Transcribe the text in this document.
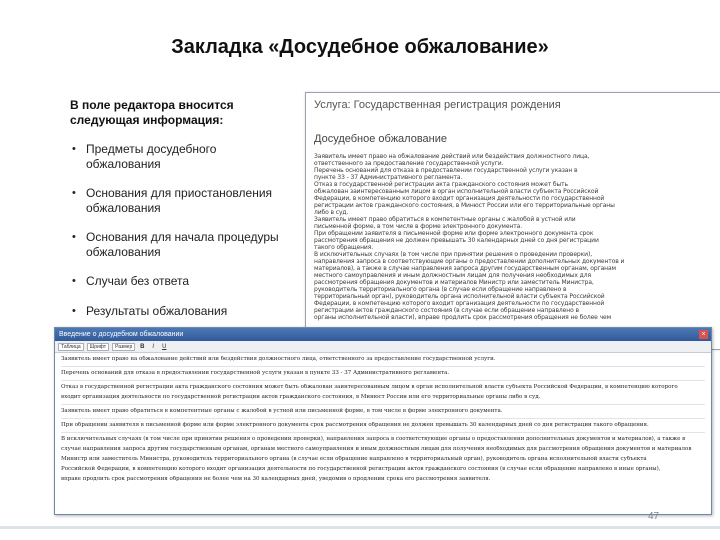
Закладка «Досудебное обжалование»
В поле редактора вносится следующая информация:
• Предметы досудебного обжалования
• Основания для приостановления обжалования
• Основания для начала процедуры обжалования
• Случаи без ответа
• Результаты обжалования
Услуга: Государственная регистрация рождения
Досудебное обжалование
Заявитель имеет право на обжалование действий или бездействия должностного лица,
ответственного за предоставление государственной услуги.
Перечень оснований для отказа в предоставлении государственной услуги указан в
пункте 33 - 37 Административного регламента.
Отказ в государственной регистрации акта гражданского состояния может быть
обжалован заинтересованным лицом в орган исполнительной власти субъекта Российской
Федерации, в компетенцию которого входит организация деятельности по государственной
регистрации актов гражданского состояния, в Минюст России или его территориальные органы
либо в суд.
Заявитель имеет право обратиться в компетентные органы с жалобой в устной или
письменной форме, в том числе в форме электронного документа.
При обращении заявителя в письменной форме или форме электронного документа срок
рассмотрения обращения не должен превышать 30 календарных дней со дня регистрации
такого обращения.
В исключительных случаях (в том числе при принятии решения о проведении проверки),
направления запроса в соответствующие органы о предоставлении дополнительных документов и
материалов), а также в случае направления запроса другим государственным органам, органам
местного самоуправления и иным должностным лицам для получения необходимых для
рассмотрения обращения документов и материалов Министр или заместитель Министра,
руководитель территориального органа (в случае если обращение направлено в
территориальный орган), руководитель органа исполнительной власти субъекта Российской
Федерации, в компетенцию которого входит организация деятельности по государственной
регистрации актов гражданского состояния (в случае если обращение направлено в
органы исполнительной власти), вправе продлить срок рассмотрения обращения не более чем
Введение о досудебном обжаловании	×
Таблица	Шрифт	Размер	B	I	U
Заявитель имеет право на обжалование действий или бездействия должностного лица, ответственного за предоставление государственной услуги.
Перечень оснований для отказа в предоставлении государственной услуги указан в пункте 33 - 37 Административного регламента.
Отказ в государственной регистрации акта гражданского состояния может быть обжалован заинтересованным лицом в орган исполнительной власти субъекта Российской Федерации, в компетенцию которого
входит организация деятельности по государственной регистрации актов гражданского состояния, в Минюст России или его территориальные органы либо в суд.
Заявитель имеет право обратиться в компетентные органы с жалобой в устной или письменной форме, в том числе в форме электронного документа.
При обращении заявителя в письменной форме или форме электронного документа срок рассмотрения обращения не должен превышать 30 календарных дней со дня регистрации такого обращения.
В исключительных случаях (в том числе при принятии решения о проведении проверки), направления запроса в соответствующие органы о предоставлении дополнительных документов и материалов), а также в
случае направления запроса другим государственным органам, органам местного самоуправления и иным должностным лицам для получения необходимых для рассмотрения обращения документов и материалов
Министр или заместитель Министра, руководитель территориального органа (в случае если обращение направлено в территориальный орган), руководитель органа исполнительной власти субъекта
Российской Федерации, в компетенцию которого входит организация деятельности по государственной регистрации актов гражданского состояния (в случае если обращение направлено в иные органы),
вправе продлить срок рассмотрения обращения не более чем на 30 календарных дней, уведомив о продлении срока его рассмотрения заявителя.
47
